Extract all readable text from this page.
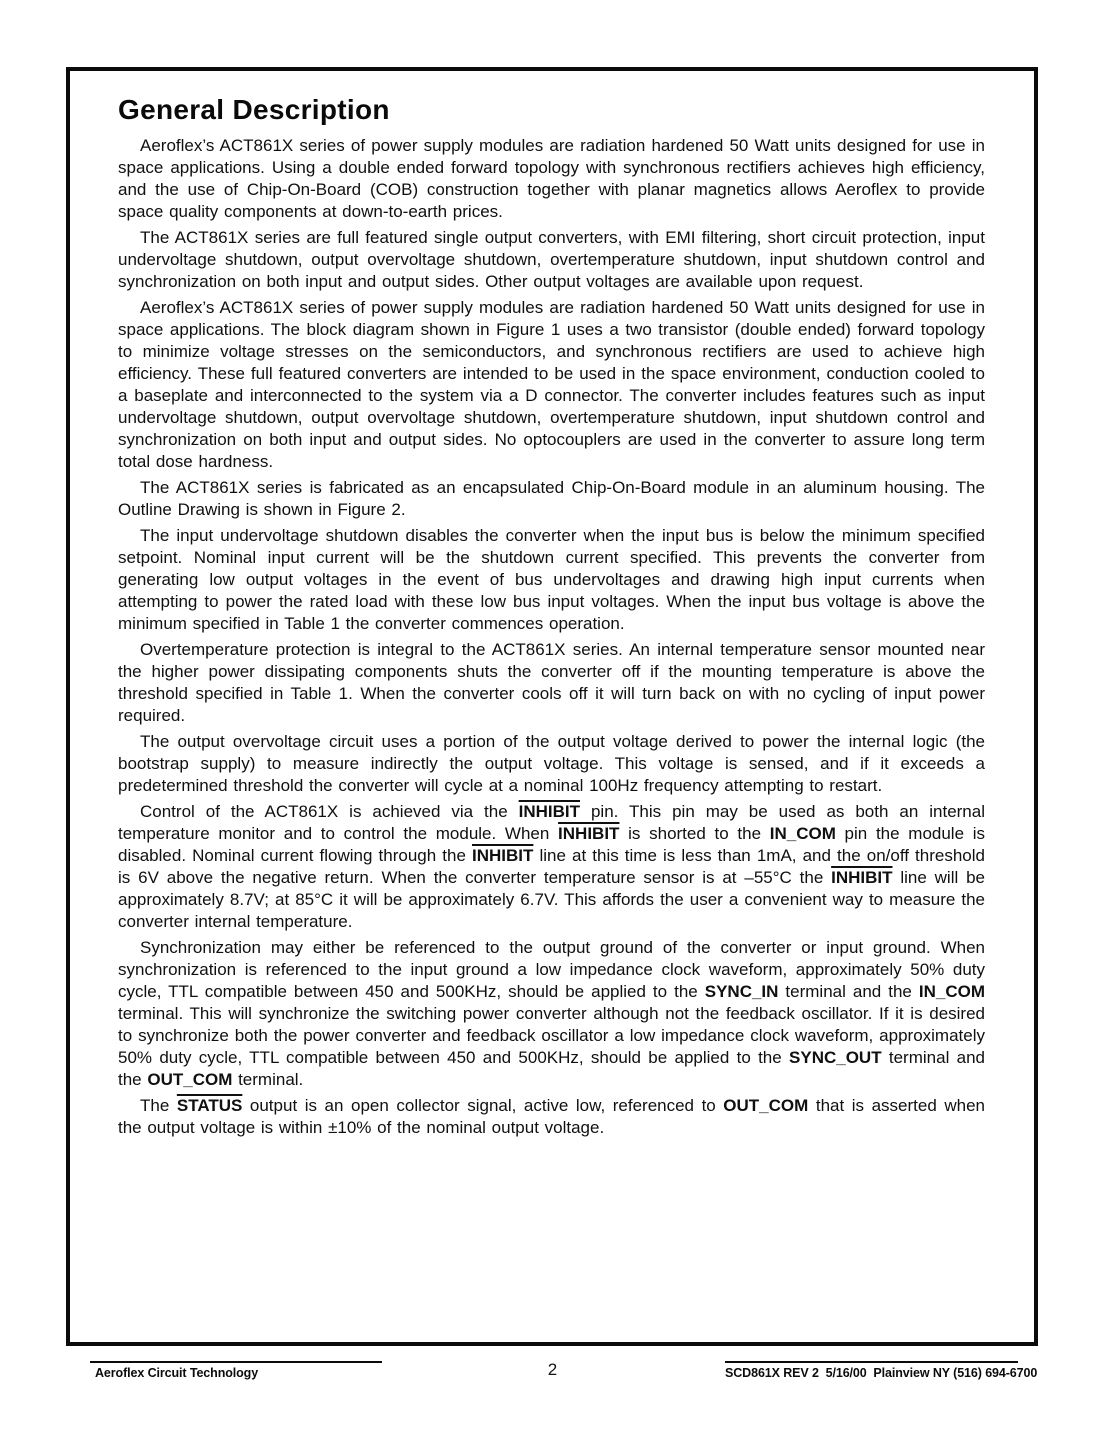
General Description

Aeroflex’s ACT861X series of power supply modules are radiation hardened 50 Watt units designed for use in space applications. Using a double ended forward topology with synchronous rectifiers achieves high efficiency, and the use of Chip-On-Board (COB) construction together with planar magnetics allows Aeroflex to provide space quality components at down-to-earth prices.

The ACT861X series are full featured single output converters, with EMI filtering, short circuit protection, input undervoltage shutdown, output overvoltage shutdown, overtemperature shutdown, input shutdown control and synchronization on both input and output sides. Other output voltages are available upon request.

Aeroflex’s ACT861X series of power supply modules are radiation hardened 50 Watt units designed for use in space applications. The block diagram shown in Figure 1 uses a two transistor (double ended) forward topology to minimize voltage stresses on the semiconductors, and synchronous rectifiers are used to achieve high efficiency. These full featured converters are intended to be used in the space environment, conduction cooled to a baseplate and interconnected to the system via a D connector. The converter includes features such as input undervoltage shutdown, output overvoltage shutdown, overtemperature shutdown, input shutdown control and synchronization on both input and output sides. No optocouplers are used in the converter to assure long term total dose hardness.

The ACT861X series is fabricated as an encapsulated Chip-On-Board module in an aluminum housing. The Outline Drawing is shown in Figure 2.

The input undervoltage shutdown disables the converter when the input bus is below the minimum specified setpoint. Nominal input current will be the shutdown current specified. This prevents the converter from generating low output voltages in the event of bus undervoltages and drawing high input currents when attempting to power the rated load with these low bus input voltages. When the input bus voltage is above the minimum specified in Table 1 the converter commences operation.

Overtemperature protection is integral to the ACT861X series. An internal temperature sensor mounted near the higher power dissipating components shuts the converter off if the mounting temperature is above the threshold specified in Table 1. When the converter cools off it will turn back on with no cycling of input power required.

The output overvoltage circuit uses a portion of the output voltage derived to power the internal logic (the bootstrap supply) to measure indirectly the output voltage. This voltage is sensed, and if it exceeds a predetermined threshold the converter will cycle at a nominal 100Hz frequency attempting to restart.

Control of the ACT861X is achieved via the INHIBIT pin. This pin may be used as both an internal temperature monitor and to control the module. When INHIBIT is shorted to the IN_COM pin the module is disabled. Nominal current flowing through the INHIBIT line at this time is less than 1mA, and the on/off threshold is 6V above the negative return. When the converter temperature sensor is at –55°C the INHIBIT line will be approximately 8.7V; at 85°C it will be approximately 6.7V. This affords the user a convenient way to measure the converter internal temperature.

Synchronization may either be referenced to the output ground of the converter or input ground. When synchronization is referenced to the input ground a low impedance clock waveform, approximately 50% duty cycle, TTL compatible between 450 and 500KHz, should be applied to the SYNC_IN terminal and the IN_COM terminal. This will synchronize the switching power converter although not the feedback oscillator. If it is desired to synchronize both the power converter and feedback oscillator a low impedance clock waveform, approximately 50% duty cycle, TTL compatible between 450 and 500KHz, should be applied to the SYNC_OUT terminal and the OUT_COM terminal.

The STATUS output is an open collector signal, active low, referenced to OUT_COM that is asserted when the output voltage is within ±10% of the nominal output voltage.

Aeroflex Circuit Technology	2	SCD861X REV 2  5/16/00  Plainview NY (516) 694-6700
